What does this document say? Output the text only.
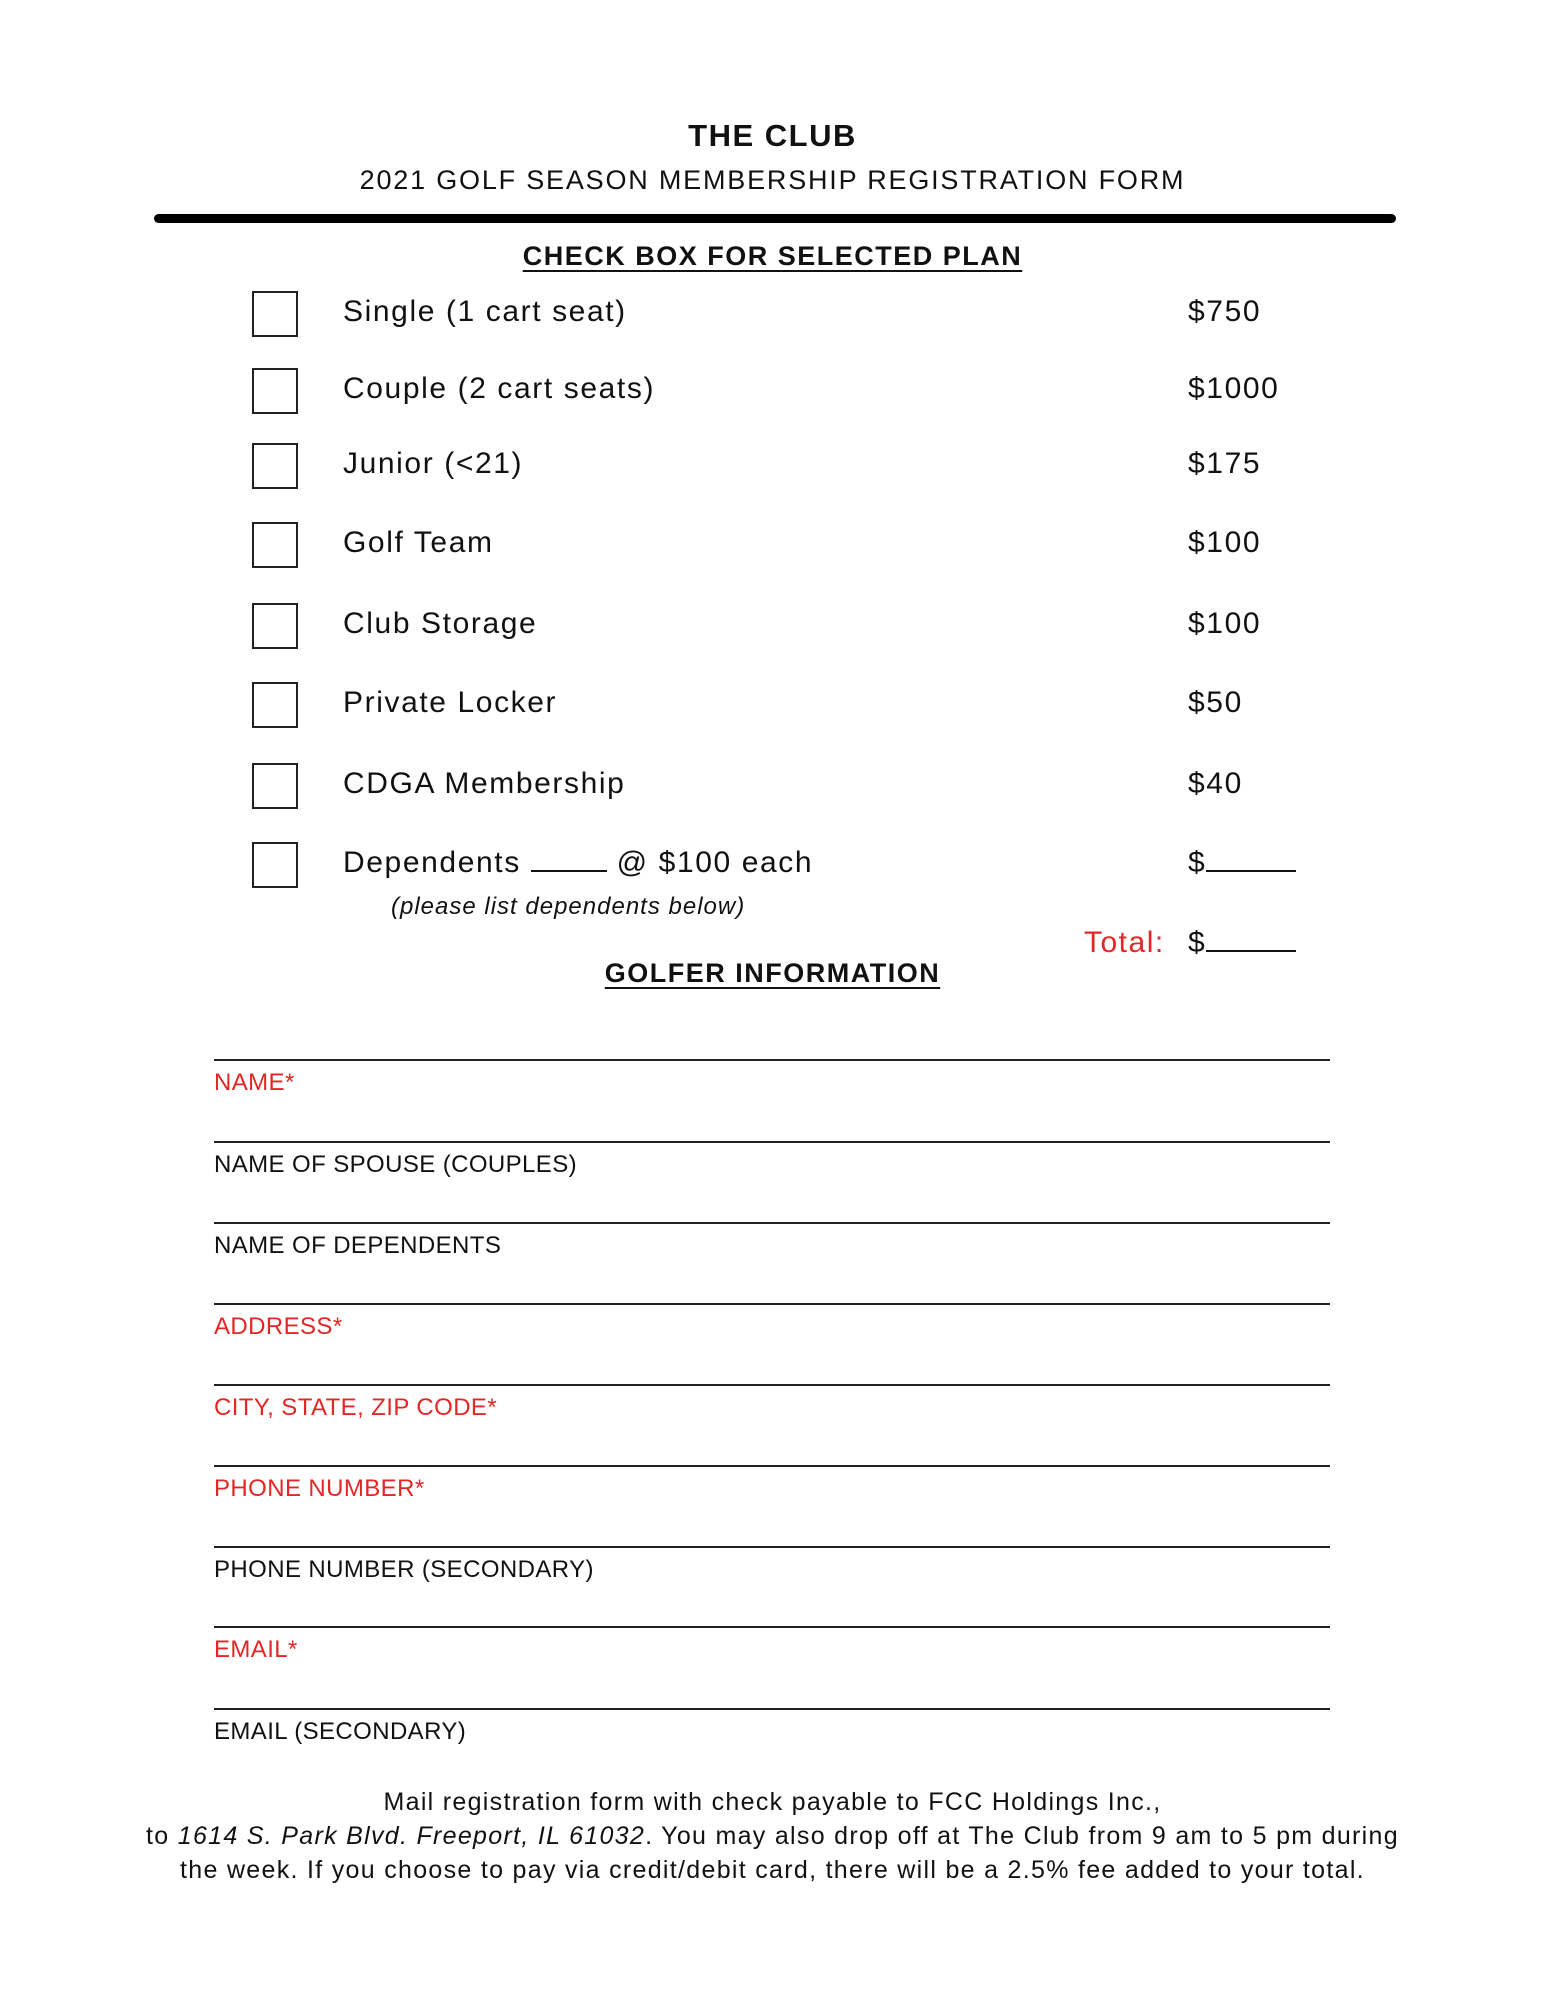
THE CLUB
2021 GOLF SEASON MEMBERSHIP REGISTRATION FORM
CHECK BOX FOR SELECTED PLAN
Single (1 cart seat)	$750
Couple (2 cart seats)	$1000
Junior (<21)	$175
Golf Team	$100
Club Storage	$100
Private Locker	$50
CDGA Membership	$40
Dependents	@ $100 each	$
(please list dependents below)
Total: $
GOLFER INFORMATION
NAME*
NAME OF SPOUSE (COUPLES)
NAME OF DEPENDENTS
ADDRESS*
CITY, STATE, ZIP CODE*
PHONE NUMBER*
PHONE NUMBER (SECONDARY)
EMAIL*
EMAIL (SECONDARY)
Mail registration form with check payable to FCC Holdings Inc.,
to 1614 S. Park Blvd. Freeport, IL 61032. You may also drop off at The Club from 9 am to 5 pm during
the week. If you choose to pay via credit/debit card, there will be a 2.5% fee added to your total.
